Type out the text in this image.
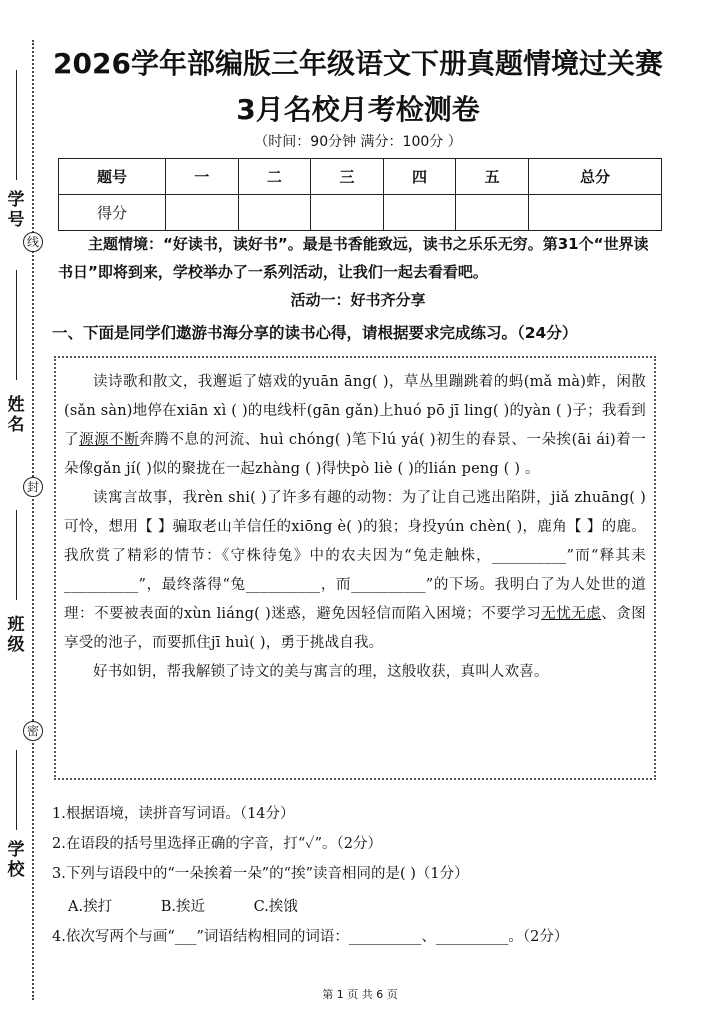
学号
线
姓名
封
班级
密
学校
2026学年部编版三年级语文下册真题情境过关赛
3月名校月考检测卷
（时间：90分钟 满分：100分 ）
题号	一	二	三	四	五	总分
得分						
主题情境：“好读书，读好书”。最是书香能致远，读书之乐乐无穷。第31个“世界读书日”即将到来，学校举办了一系列活动，让我们一起去看看吧。
活动一：好书齐分享
一、下面是同学们遨游书海分享的读书心得，请根据要求完成练习。（24分）

读诗歌和散文，我邂逅了嬉戏的yuān āng( )，草丛里蹦跳着的蚂(mǎ mà)蚱，闲散(sǎn sàn)地停在xiān xì ( )的电线杆(gān gǎn)上huó pō jī ling( )的yàn ( )子；我看到了源源不断奔腾不息的河流、huì chóng( )笔下lú yá( )初生的春景、一朵挨(āi ái)着一朵像gǎn jí( )似的聚拢在一起zhàng ( )得快pò liè ( )的lián peng ( ) 。

读寓言故事，我rèn shi( )了许多有趣的动物：为了让自己逃出陷阱，jiǎ zhuāng( )可怜，想用【 】骗取老山羊信任的xiōng è( )的狼；身投yún chèn( )，鹿角【 】的鹿。我欣赏了精彩的情节：《守株待兔》中的农夫因为“兔走触株，__________”而“释其耒__________”，最终落得“兔__________，而__________”的下场。我明白了为人处世的道理：不要被表面的xùn liáng( )迷惑，避免因轻信而陷入困境；不要学习无忧无虑、贪图享受的池子，而要抓住jī huì( )，勇于挑战自我。

好书如钥，帮我解锁了诗文的美与寓言的理，这般收获，真叫人欢喜。

1.根据语境，读拼音写词语。（14分）
2.在语段的括号里选择正确的字音，打“✓”。（2分）
3.下列与语段中的“一朵挨着一朵”的“挨”读音相同的是( )（1分）
A.挨打	B.挨近	C.挨饿
4.依次写两个与画“___”词语结构相同的词语：__________、__________。（2分）
第 1 页 共 6 页
